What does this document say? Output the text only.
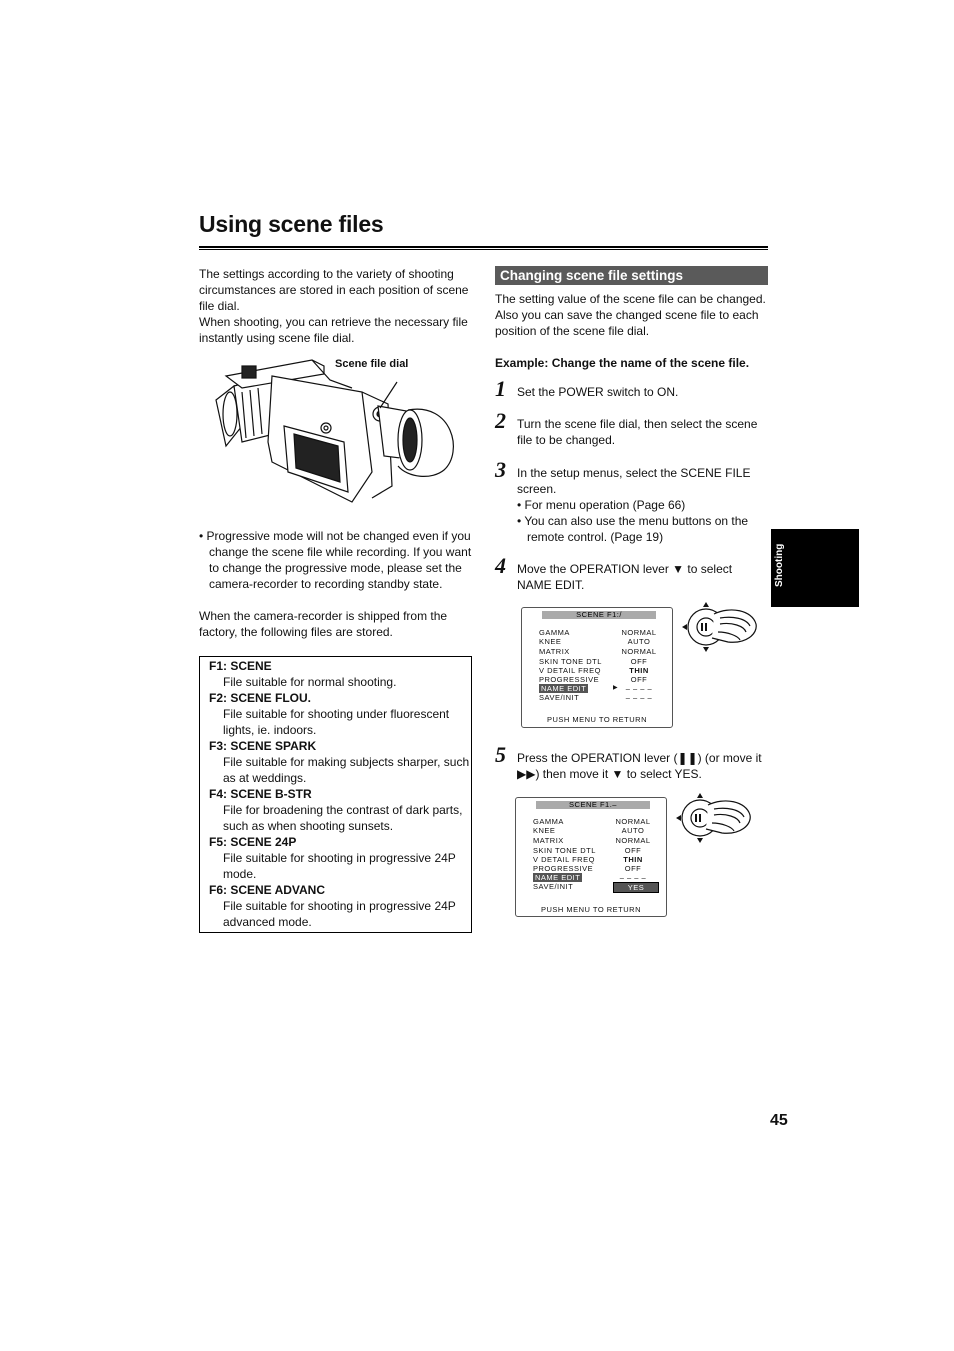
Using scene files
The settings according to the variety of shooting circumstances are stored in each position of scene file dial.
When shooting, you can retrieve the necessary file instantly using scene file dial.
Scene file dial
• Progressive mode will not be changed even if you change the scene file while recording. If you want to change the progressive mode, please set the camera-recorder to recording standby state.
When the camera-recorder is shipped from the factory, the following files are stored.
F1: SCENE
File suitable for normal shooting.
F2: SCENE FLOU.
File suitable for shooting under fluorescent lights, ie. indoors.
F3: SCENE SPARK
File suitable for making subjects sharper, such as at weddings.
F4: SCENE B-STR
File for broadening the contrast of dark parts, such as when shooting sunsets.
F5: SCENE 24P
File suitable for shooting in progressive 24P mode.
F6: SCENE ADVANC
File suitable for shooting in progressive 24P advanced mode.
Changing scene file settings
The setting value of the scene file can be changed. Also you can save the changed scene file to each position of the scene file dial.
Example: Change the name of the scene file.
1 Set the POWER switch to ON.
2 Turn the scene file dial, then select the scene file to be changed.
3 In the setup menus, select the SCENE FILE screen.
• For menu operation (Page 66)
• You can also use the menu buttons on the remote control. (Page 19)
4 Move the OPERATION lever ▼ to select NAME EDIT.
SCENE F1:/
GAMMA	NORMAL
KNEE	AUTO
MATRIX	NORMAL
SKIN TONE DTL	OFF
V DETAIL FREQ	THIN
PROGRESSIVE	OFF
NAME EDIT	▶	– – – –
SAVE/INIT	– – – –
PUSH MENU TO RETURN
5 Press the OPERATION lever (❚❚) (or move it ▶▶) then move it ▼ to select YES.
SCENE F1.–
GAMMA	NORMAL
KNEE	AUTO
MATRIX	NORMAL
SKIN TONE DTL	OFF
V DETAIL FREQ	THIN
PROGRESSIVE	OFF
NAME EDIT	– – – –
SAVE/INIT	YES
PUSH MENU TO RETURN
Shooting
45
